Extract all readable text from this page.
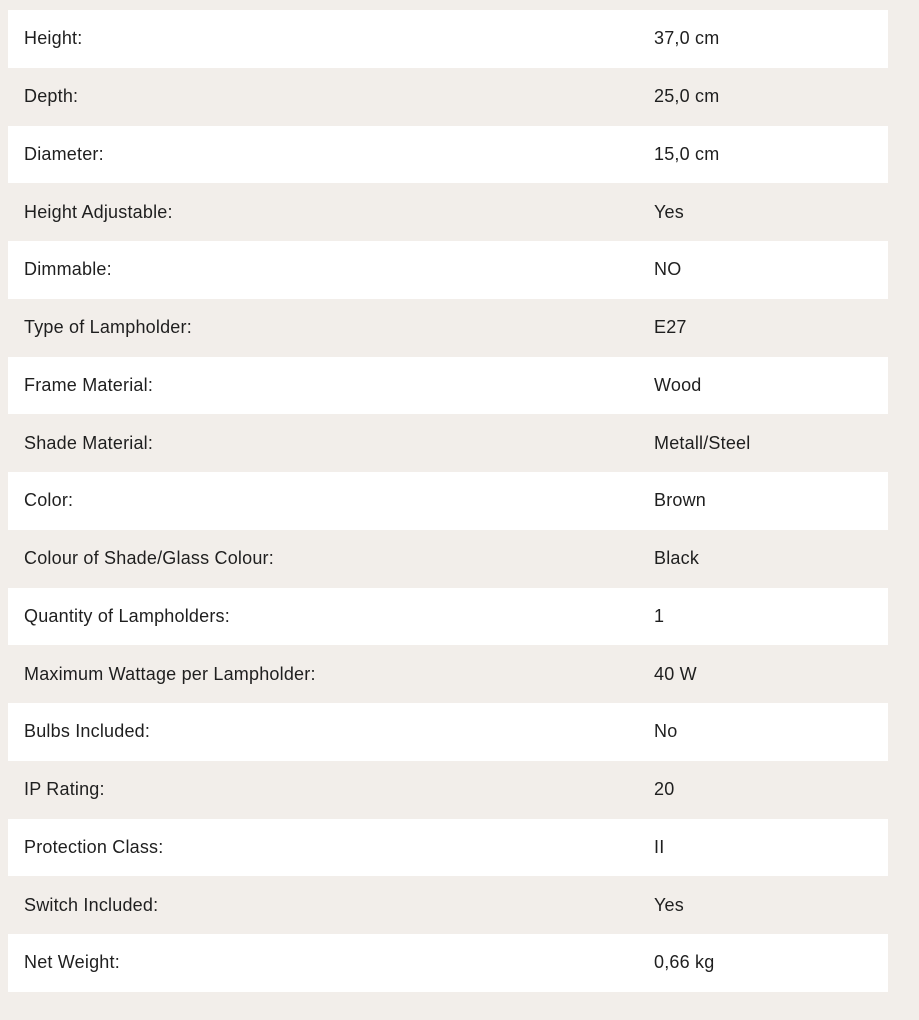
Height:	37,0 cm
Depth:	25,0 cm
Diameter:	15,0 cm
Height Adjustable:	Yes
Dimmable:	NO
Type of Lampholder:	E27
Frame Material:	Wood
Shade Material:	Metall/Steel
Color:	Brown
Colour of Shade/Glass Colour:	Black
Quantity of Lampholders:	1
Maximum Wattage per Lampholder:	40 W
Bulbs Included:	No
IP Rating:	20
Protection Class:	II
Switch Included:	Yes
Net Weight:	0,66 kg
